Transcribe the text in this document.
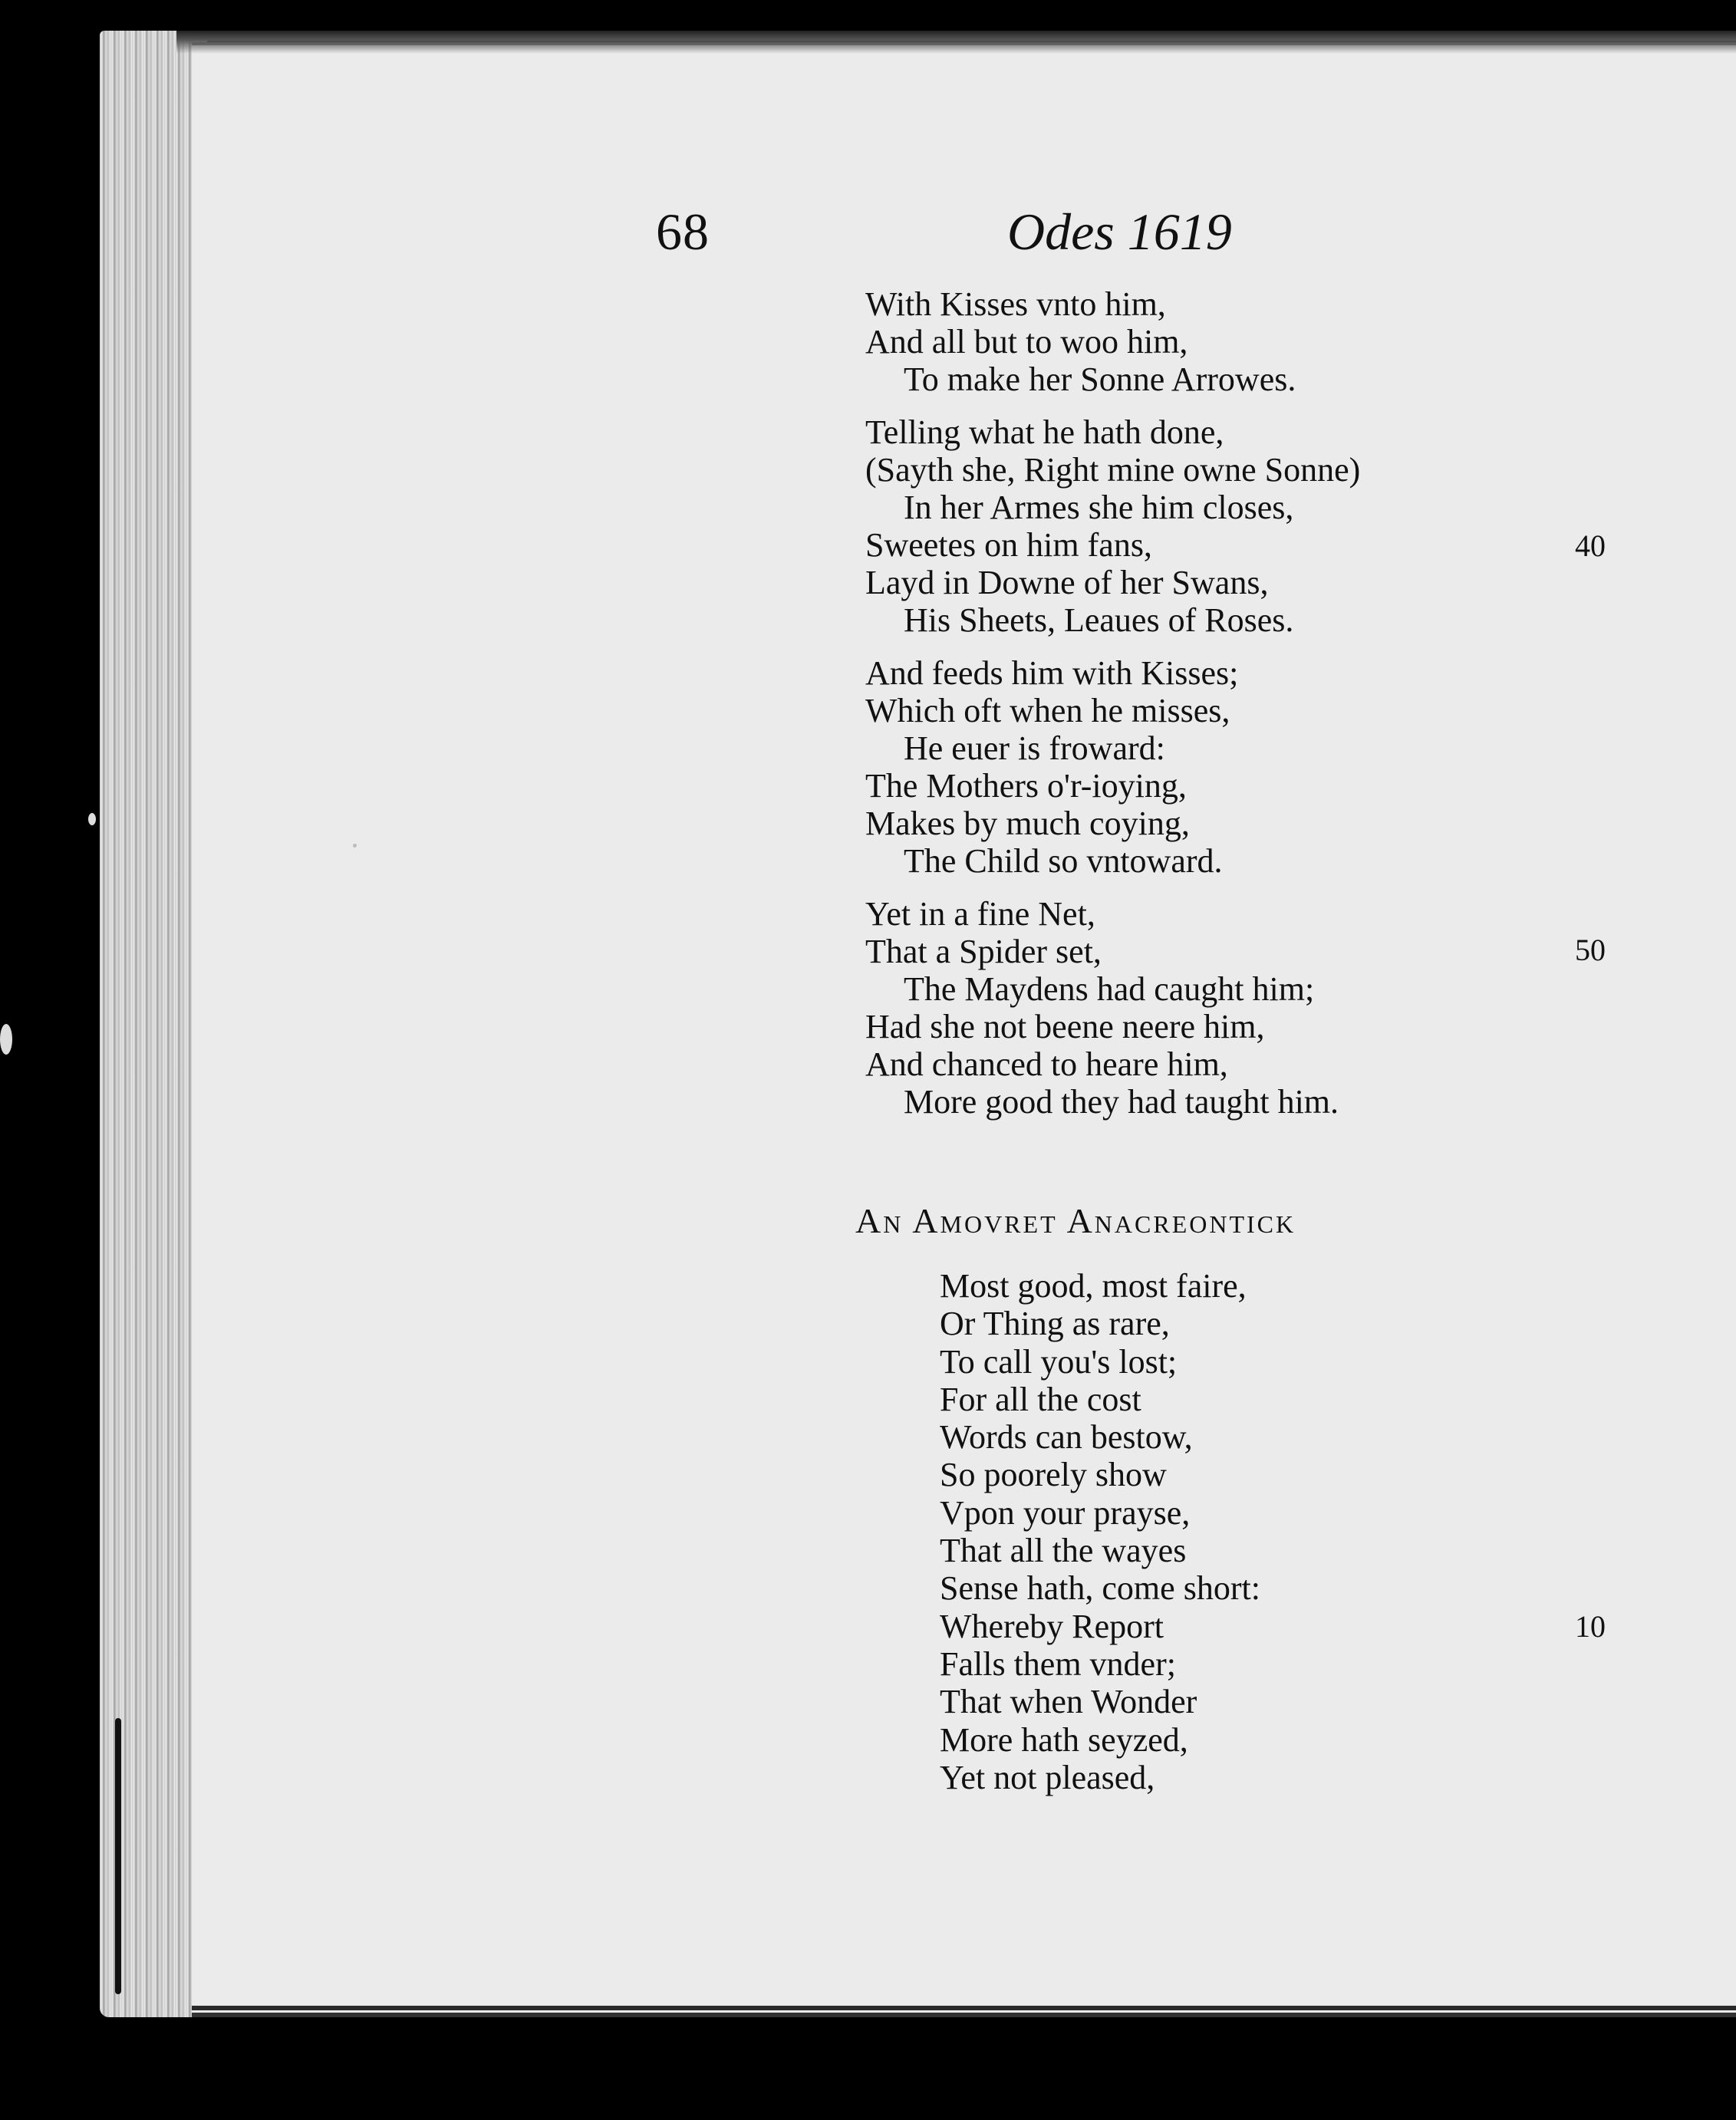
68	Odes 1619
With Kisses vnto him,
And all but to woo him,
To make her Sonne Arrowes.
Telling what he hath done,
(Sayth she, Right mine owne Sonne)
In her Armes she him closes,
Sweetes on him fans,
Layd in Downe of her Swans,
His Sheets, Leaues of Roses.
And feeds him with Kisses;
Which oft when he misses,
He euer is froward:
The Mothers o'r-ioying,
Makes by much coying,
The Child so vntoward.
Yet in a fine Net,
That a Spider set,
The Maydens had caught him;
Had she not beene neere him,
And chanced to heare him,
More good they had taught him.
40
50
An Amovret Anacreontick
Most good, most faire,
Or Thing as rare,
To call you's lost;
For all the cost
Words can bestow,
So poorely show
Vpon your prayse,
That all the wayes
Sense hath, come short:
Whereby Report
Falls them vnder;
That when Wonder
More hath seyzed,
Yet not pleased,
10
